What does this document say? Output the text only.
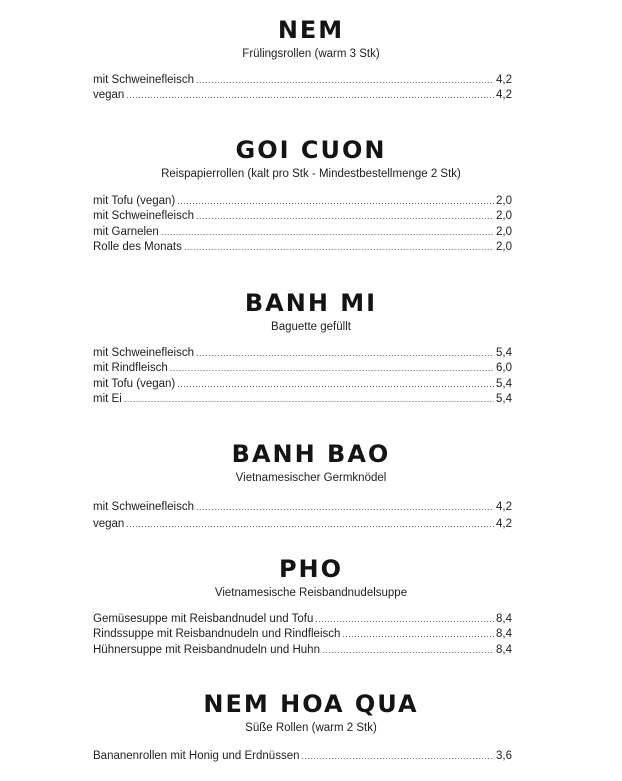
NEM
Frülingsrollen (warm 3 Stk)
mit Schweinefleisch .....	4,2
vegan .....	4,2
GOI CUON
Reispapierrollen (kalt pro Stk - Mindestbestellmenge 2 Stk)
mit Tofu (vegan) .....	2,0
mit Schweinefleisch .....	2,0
mit Garnelen .....	2,0
Rolle des Monats .....	2,0
BANH MI
Baguette gefüllt
mit Schweinefleisch .....	5,4
mit Rindfleisch .....	6,0
mit Tofu (vegan) .....	5,4
mit Ei .....	5,4
BANH BAO
Vietnamesischer Germknödel
mit Schweinefleisch .....	4,2
vegan .....	4,2
PHO
Vietnamesische Reisbandnudelsuppe
Gemüsesuppe mit Reisbandnudel und Tofu .....	8,4
Rindssuppe mit Reisbandnudeln und Rindfleisch .....	8,4
Hühnersuppe mit Reisbandnudeln und Huhn .....	8,4
NEM HOA QUA
Süße Rollen (warm 2 Stk)
Bananenrollen mit Honig und Erdnüssen .....	3,6
